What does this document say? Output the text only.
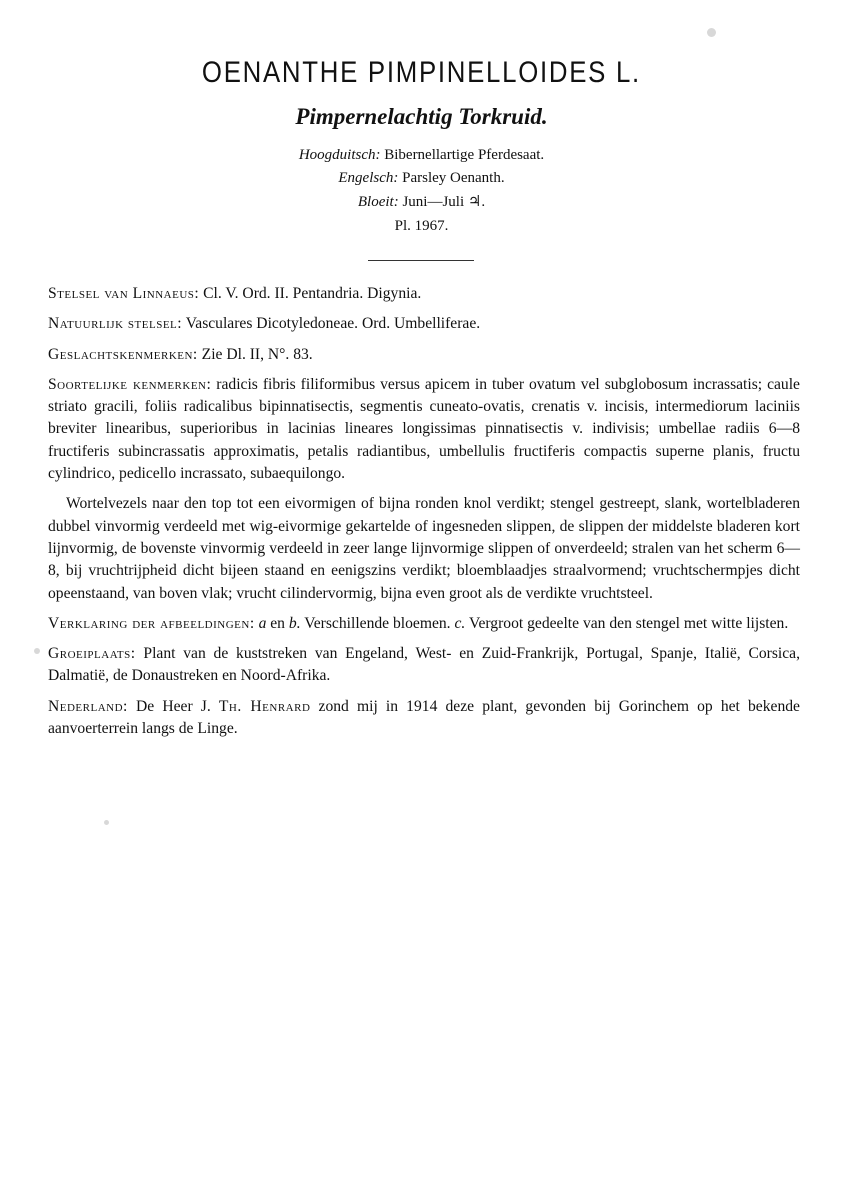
OENANTHE PIMPINELLOIDES L.
Pimpernelachtig Torkruid.
Hoogduitsch: Bibernellartige Pferdesaat.
Engelsch: Parsley Oenanth.
Bloeit: Juni—Juli ♃.
Pl. 1967.

Stelsel van Linnaeus: Cl. V. Ord. II. Pentandria. Digynia.

Natuurlijk stelsel: Vasculares Dicotyledoneae. Ord. Umbelliferae.

Geslachtskenmerken: Zie Dl. II, N°. 83.

Soortelijke kenmerken: radicis fibris filiformibus versus apicem in tuber ovatum vel subglobosum incrassatis; caule striato gracili, foliis radicalibus bipinnatisectis, segmentis cuneato-ovatis, crenatis v. incisis, intermediorum laciniis breviter linearibus, superioribus in lacinias lineares longissimas pinnatisectis v. indivisis; umbellae radiis 6—8 fructiferis subincrassatis approximatis, petalis radiantibus, umbellulis fructiferis compactis superne planis, fructu cylindrico, pedicello incrassato, subaequilongo.

Wortelvezels naar den top tot een eivormigen of bijna ronden knol verdikt; stengel gestreept, slank, wortelbladeren dubbel vinvormig verdeeld met wig-eivormige gekartelde of ingesneden slippen, de slippen der middelste bladeren kort lijnvormig, de bovenste vinvormig verdeeld in zeer lange lijnvormige slippen of onverdeeld; stralen van het scherm 6—8, bij vruchtrijpheid dicht bijeen staand en eenigszins verdikt; bloemblaadjes straalvormend; vruchtschermpjes dicht opeenstaand, van boven vlak; vrucht cilindervormig, bijna even groot als de verdikte vruchtsteel.

Verklaring der afbeeldingen: a en b. Verschillende bloemen. c. Vergroot gedeelte van den stengel met witte lijsten.

Groeiplaats: Plant van de kuststreken van Engeland, West- en Zuid-Frankrijk, Portugal, Spanje, Italië, Corsica, Dalmatië, de Donaustreken en Noord-Afrika.

Nederland: De Heer J. Th. Henrard zond mij in 1914 deze plant, gevonden bij Gorinchem op het bekende aanvoerterrein langs de Linge.
